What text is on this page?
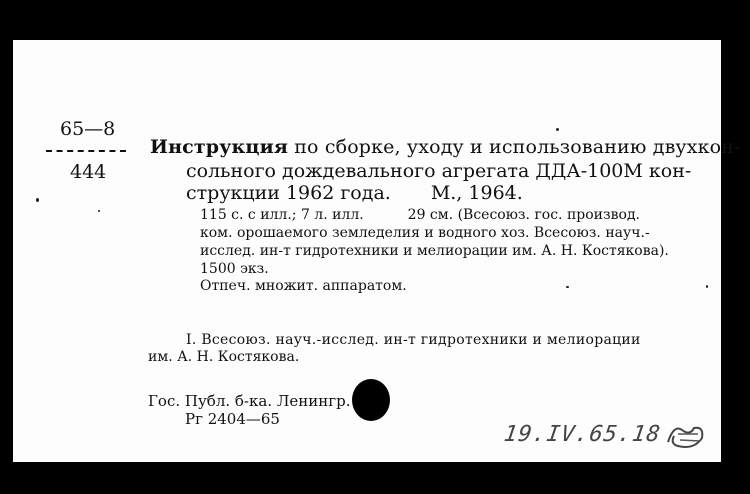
65—8
444
Инструкция по сборке, уходу и использованию двухкон-
сольного дождевального агрегата ДДА-100М кон-
струкции 1962 года. М., 1964.
115 с. с илл.; 7 л. илл.	29 см. (Всесоюз. гос. производ.
ком. орошаемого земледелия и водного хоз. Всесоюз. науч.-
исслед. ин-т гидротехники и мелиорации им. А. Н. Костякова).
1500 экз.
Отпеч. множит. аппаратом.
I. Всесоюз. науч.-исслед. ин-т гидротехники и мелиорации
им. А. Н. Костякова.
Гос. Публ. б-ка. Ленингр.
Рг 2404—65
19.IV.65.18
